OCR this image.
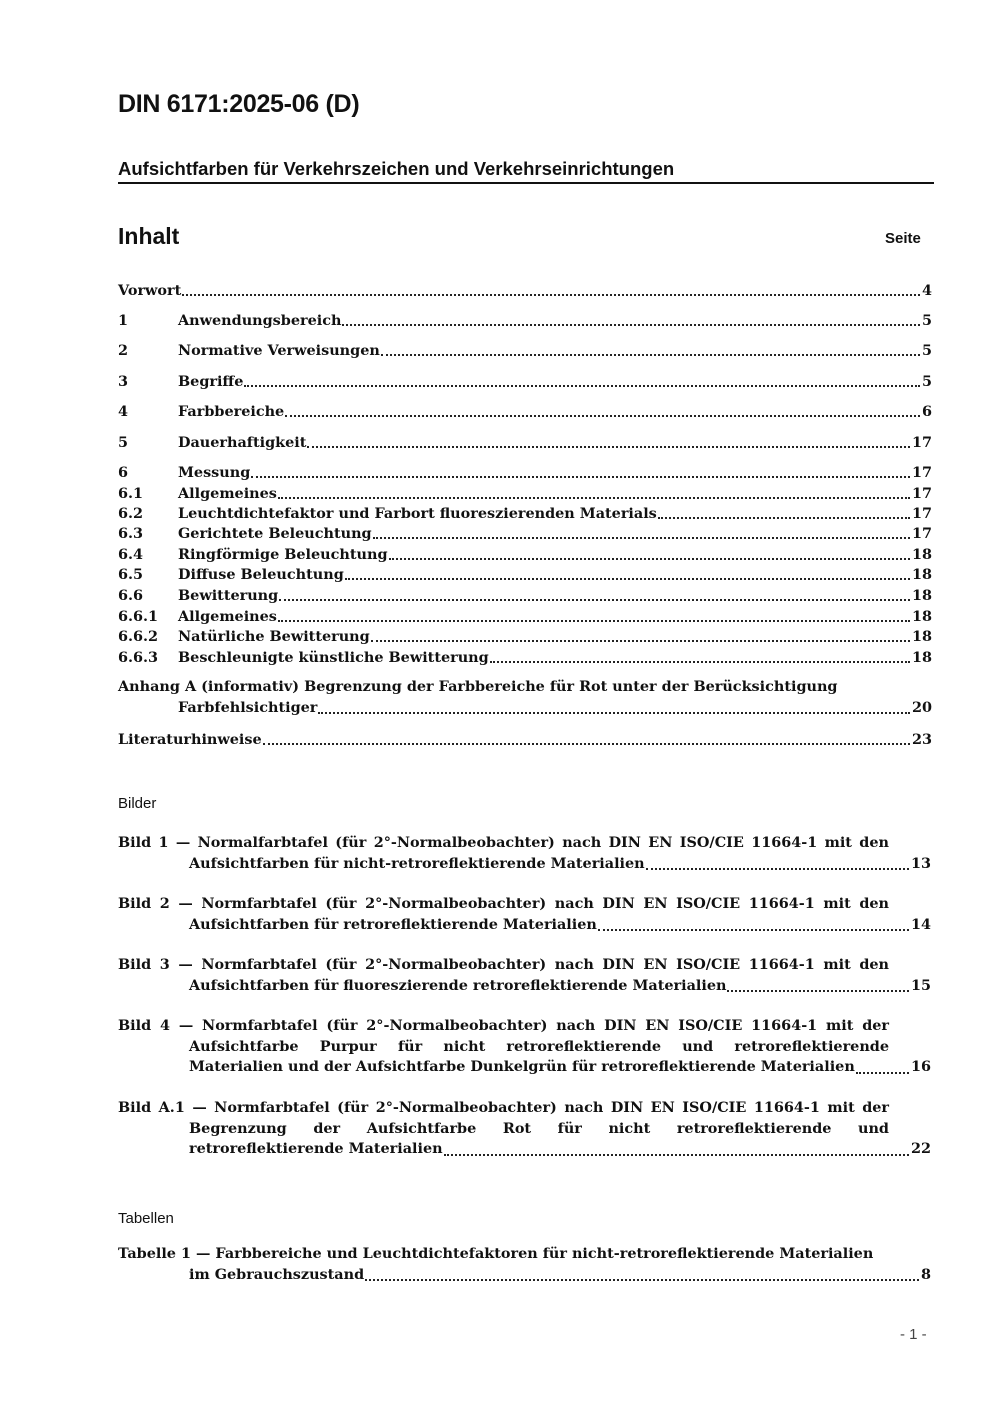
DIN 6171:2025-06 (D)
Aufsichtfarben für Verkehrszeichen und Verkehrseinrichtungen
Inhalt	Seite
Vorwort	4
1	Anwendungsbereich	5
2	Normative Verweisungen	5
3	Begriffe	5
4	Farbbereiche	6
5	Dauerhaftigkeit	17
6	Messung	17
6.1	Allgemeines	17
6.2	Leuchtdichtefaktor und Farbort fluoreszierenden Materials	17
6.3	Gerichtete Beleuchtung	17
6.4	Ringförmige Beleuchtung	18
6.5	Diffuse Beleuchtung	18
6.6	Bewitterung	18
6.6.1	Allgemeines	18
6.6.2	Natürliche Bewitterung	18
6.6.3	Beschleunigte künstliche Bewitterung	18
Anhang A (informativ) Begrenzung der Farbbereiche für Rot unter der Berücksichtigung
Farbfehlsichtiger	20
Literaturhinweise	23
Bild 1 — Normalfarbtafel (für 2°-Normalbeobachter) nach DIN EN ISO/CIE 11664-1 mit den
Aufsichtfarben für nicht-retroreflektierende Materialien	13
Bild 2 — Normfarbtafel (für 2°-Normalbeobachter) nach DIN EN ISO/CIE 11664-1 mit den
Aufsichtfarben für retroreflektierende Materialien	14
Bild 3 — Normfarbtafel (für 2°-Normalbeobachter) nach DIN EN ISO/CIE 11664-1 mit den
Aufsichtfarben für fluoreszierende retroreflektierende Materialien	15
Bild 4 — Normfarbtafel (für 2°-Normalbeobachter) nach DIN EN ISO/CIE 11664-1 mit der
Aufsichtfarbe Purpur für nicht retroreflektierende und retroreflektierende
Materialien und der Aufsichtfarbe Dunkelgrün für retroreflektierende Materialien	16
Bild A.1 — Normfarbtafel (für 2°-Normalbeobachter) nach DIN EN ISO/CIE 11664-1 mit der
Begrenzung der Aufsichtfarbe Rot für nicht retroreflektierende und
retroreflektierende Materialien	22
Tabelle 1 — Farbbereiche und Leuchtdichtefaktoren für nicht-retroreflektierende Materialien
im Gebrauchszustand	8
Bilder
Tabellen
- 1 -
